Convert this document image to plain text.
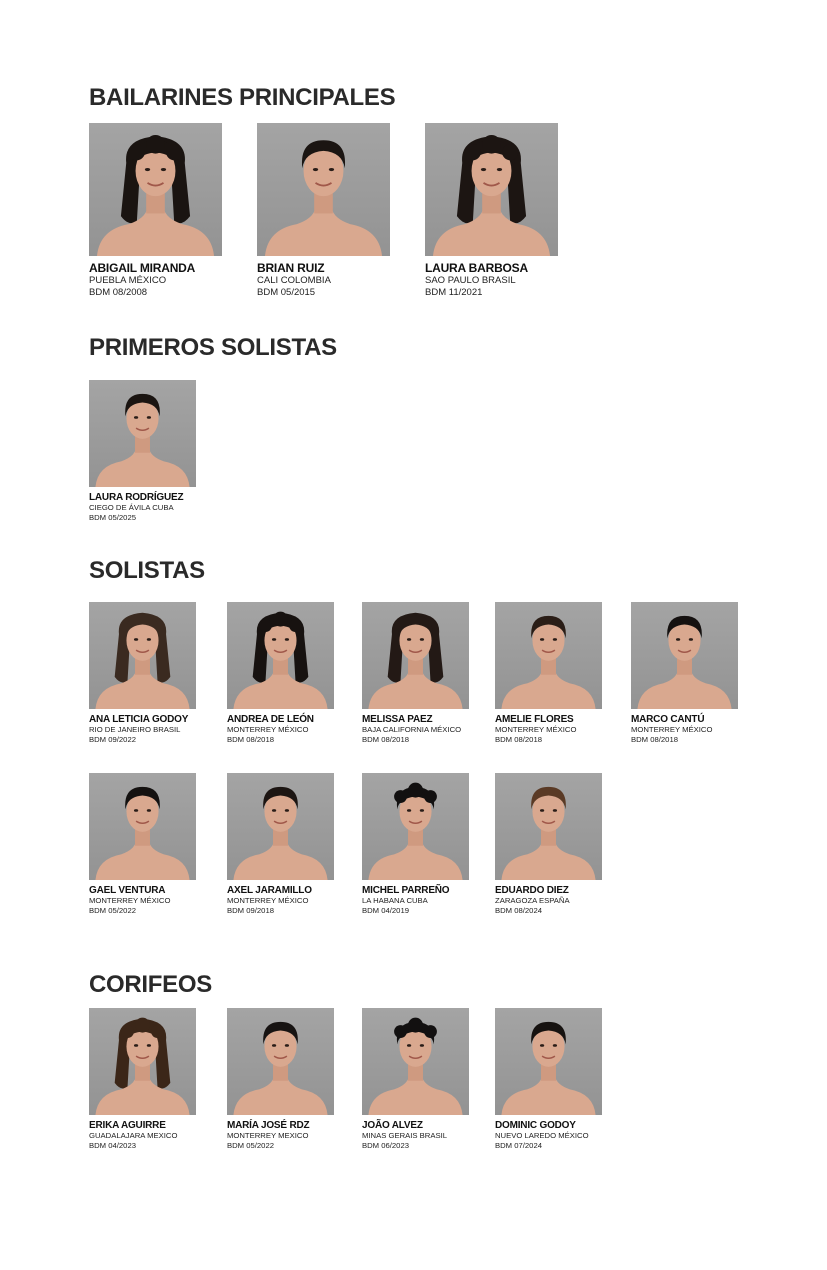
BAILARINES PRINCIPALES
ABIGAIL MIRANDA
PUEBLA MÉXICO
BDM 08/2008
BRIAN RUIZ
CALI COLOMBIA
BDM 05/2015
LAURA BARBOSA
SAO PAULO BRASIL
BDM 11/2021
PRIMEROS SOLISTAS
LAURA RODRÍGUEZ
CIEGO DE ÁVILA CUBA
BDM 05/2025
SOLISTAS
ANA LETICIA GODOY
RIO DE JANEIRO BRASIL
BDM 09/2022
ANDREA DE LEÓN
MONTERREY MÉXICO
BDM 08/2018
MELISSA PAEZ
BAJA CALIFORNIA MÉXICO
BDM 08/2018
AMELIE FLORES
MONTERREY MÉXICO
BDM 08/2018
MARCO CANTÚ
MONTERREY MÉXICO
BDM 08/2018
GAEL VENTURA
MONTERREY MÉXICO
BDM 05/2022
AXEL JARAMILLO
MONTERREY MÉXICO
BDM 09/2018
MICHEL PARREÑO
LA HABANA CUBA
BDM 04/2019
EDUARDO DIEZ
ZARAGOZA ESPAÑA
BDM 08/2024
CORIFEOS
ERIKA AGUIRRE
GUADALAJARA MEXICO
BDM 04/2023
MARÍA JOSÉ RDZ
MONTERREY MEXICO
BDM 05/2022
JOÃO ALVEZ
MINAS GERAIS BRASIL
BDM 06/2023
DOMINIC GODOY
NUEVO LAREDO MÉXICO
BDM 07/2024
